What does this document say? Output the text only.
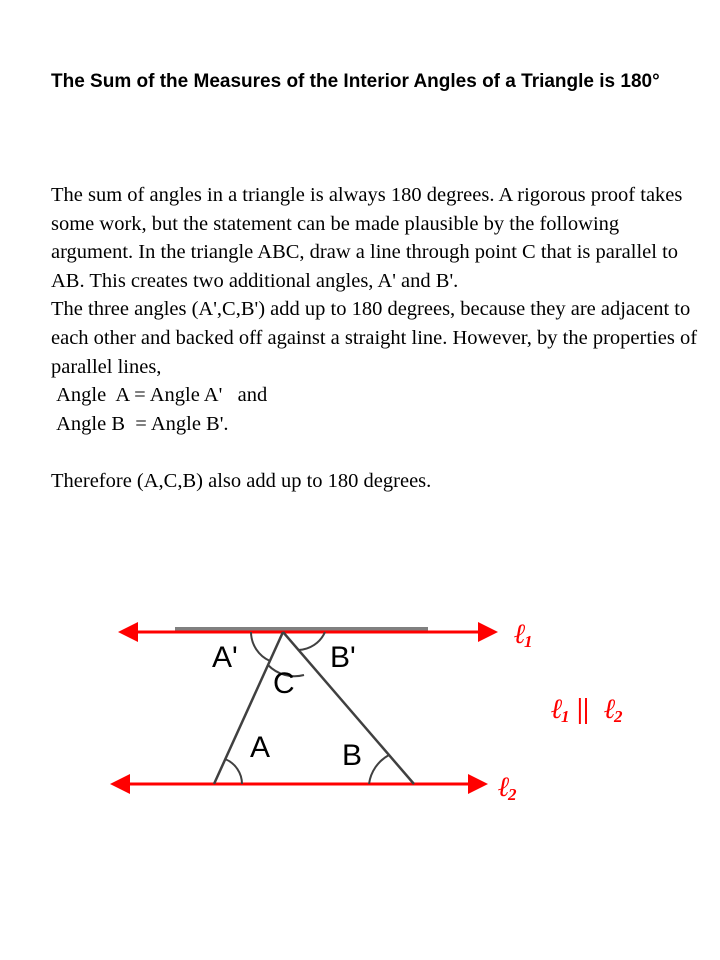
The Sum of the Measures of the Interior Angles of a Triangle is 180°

The sum of angles in a triangle is always 180 degrees. A rigorous proof takes some work, but the statement can be made plausible by the following argument. In the triangle ABC, draw a line through point C that is parallel to AB. This creates two additional angles, A' and B'.

The three angles (A',C,B') add up to 180 degrees, because they are adjacent to each other and backed off against a straight line. However, by the properties of parallel lines,

Angle  A = Angle A'   and

Angle B  = Angle B'.

Therefore (A,C,B) also add up to 180 degrees.

A'	B'
C
A B
ℓ
1
ℓ
1 || ℓ
2
ℓ
2
